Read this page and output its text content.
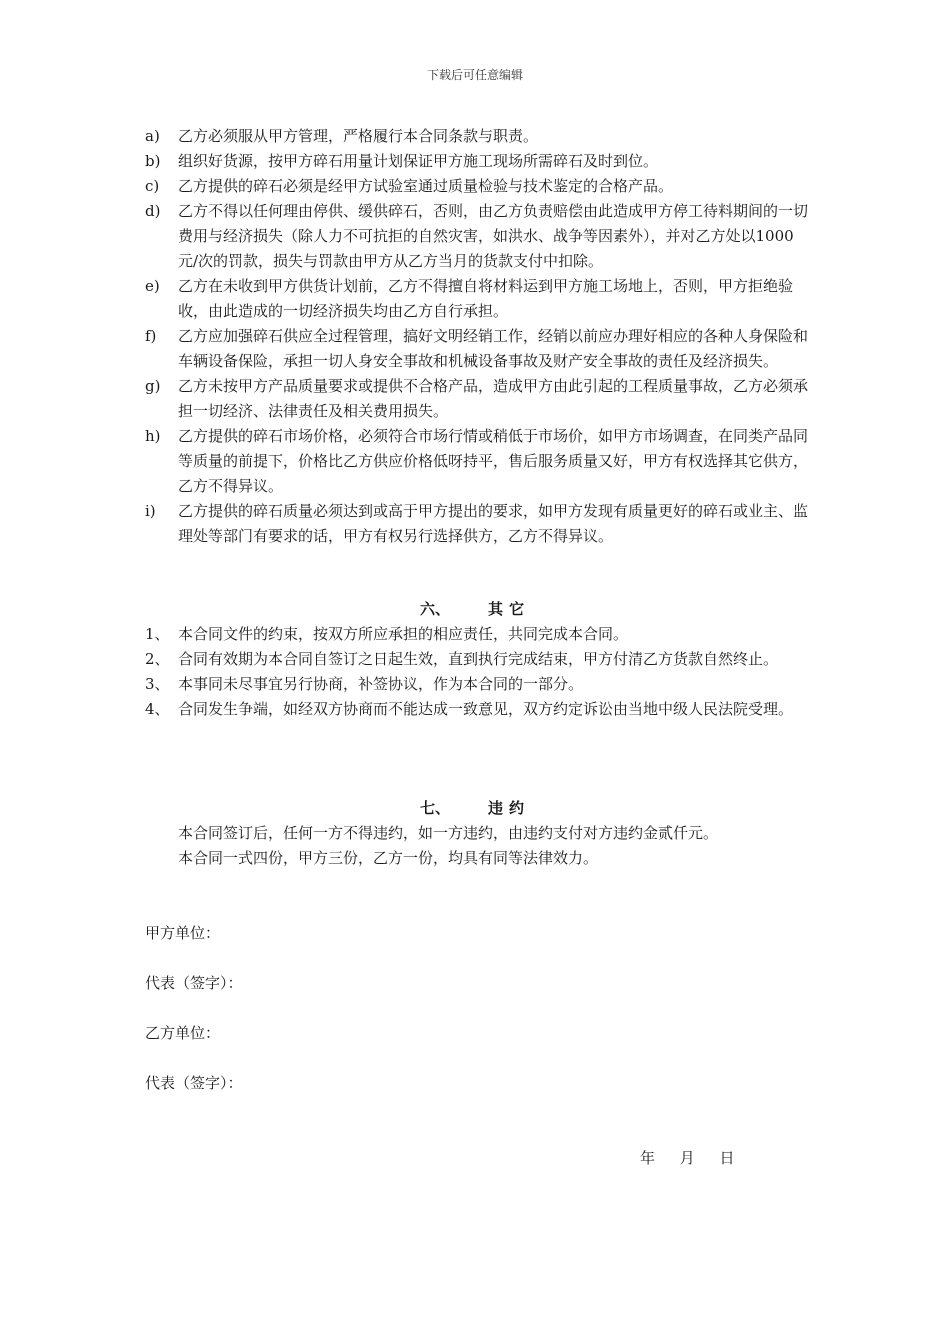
下载后可任意编辑
a)	乙方必须服从甲方管理，严格履行本合同条款与职责。
b)	组织好货源，按甲方碎石用量计划保证甲方施工现场所需碎石及时到位。
c)	乙方提供的碎石必须是经甲方试验室通过质量检验与技术鉴定的合格产品。
d)	乙方不得以任何理由停供、缓供碎石，否则，由乙方负责赔偿由此造成甲方停工待料期间的一切费用与经济损失（除人力不可抗拒的自然灾害，如洪水、战争等因素外），并对乙方处以1000元/次的罚款，损失与罚款由甲方从乙方当月的货款支付中扣除。
e)	乙方在未收到甲方供货计划前，乙方不得擅自将材料运到甲方施工场地上，否则，甲方拒绝验收，由此造成的一切经济损失均由乙方自行承担。
f)	乙方应加强碎石供应全过程管理，搞好文明经销工作，经销以前应办理好相应的各种人身保险和车辆设备保险，承担一切人身安全事故和机械设备事故及财产安全事故的责任及经济损失。
g)	乙方未按甲方产品质量要求或提供不合格产品，造成甲方由此引起的工程质量事故，乙方必须承担一切经济、法律责任及相关费用损失。
h)	乙方提供的碎石市场价格，必须符合市场行情或稍低于市场价，如甲方市场调查，在同类产品同等质量的前提下，价格比乙方供应价格低呀持平，售后服务质量又好，甲方有权选择其它供方，乙方不得异议。
i)	乙方提供的碎石质量必须达到或高于甲方提出的要求，如甲方发现有质量更好的碎石或业主、监理处等部门有要求的话，甲方有权另行选择供方，乙方不得异议。
六、	其它
1、 本合同文件的约束，按双方所应承担的相应责任，共同完成本合同。
2、 合同有效期为本合同自签订之日起生效，直到执行完成结束，甲方付清乙方货款自然终止。
3、 本事同未尽事宜另行协商，补签协议，作为本合同的一部分。
4、 合同发生争端，如经双方协商而不能达成一致意见，双方约定诉讼由当地中级人民法院受理。
七、	违约

本合同签订后，任何一方不得违约，如一方违约，由违约支付对方违约金贰仟元。

本合同一式四份，甲方三份，乙方一份，均具有同等法律效力。

甲方单位：
代表（签字）：
乙方单位：
代表（签字）：
年 月 日
